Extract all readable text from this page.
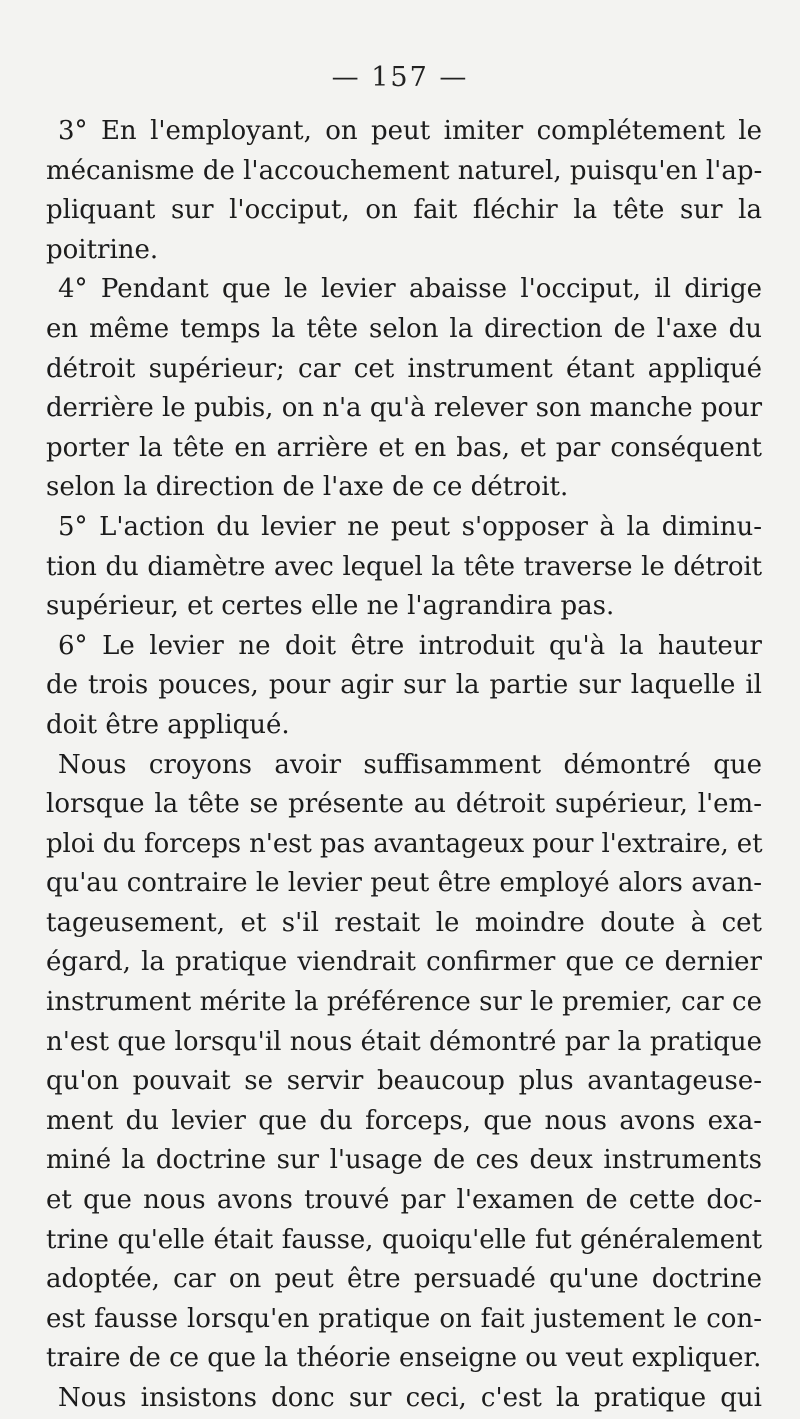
— 157 —

3° En l'employant, on peut imiter complétement le
mécanisme de l'accouchement naturel, puisqu'en l'ap-
pliquant sur l'occiput, on fait fléchir la tête sur la
poitrine.

4° Pendant que le levier abaisse l'occiput, il dirige
en même temps la tête selon la direction de l'axe du
détroit supérieur; car cet instrument étant appliqué
derrière le pubis, on n'a qu'à relever son manche pour
porter la tête en arrière et en bas, et par conséquent
selon la direction de l'axe de ce détroit.

5° L'action du levier ne peut s'opposer à la diminu-
tion du diamètre avec lequel la tête traverse le détroit
supérieur, et certes elle ne l'agrandira pas.

6° Le levier ne doit être introduit qu'à la hauteur
de trois pouces, pour agir sur la partie sur laquelle il
doit être appliqué.

Nous croyons avoir suffisamment démontré que
lorsque la tête se présente au détroit supérieur, l'em-
ploi du forceps n'est pas avantageux pour l'extraire, et
qu'au contraire le levier peut être employé alors avan-
tageusement, et s'il restait le moindre doute à cet
égard, la pratique viendrait confirmer que ce dernier
instrument mérite la préférence sur le premier, car ce
n'est que lorsqu'il nous était démontré par la pratique
qu'on pouvait se servir beaucoup plus avantageuse-
ment du levier que du forceps, que nous avons exa-
miné la doctrine sur l'usage de ces deux instruments
et que nous avons trouvé par l'examen de cette doc-
trine qu'elle était fausse, quoiqu'elle fut généralement
adoptée, car on peut être persuadé qu'une doctrine
est fausse lorsqu'en pratique on fait justement le con-
traire de ce que la théorie enseigne ou veut expliquer.

Nous insistons donc sur ceci, c'est la pratique qui
